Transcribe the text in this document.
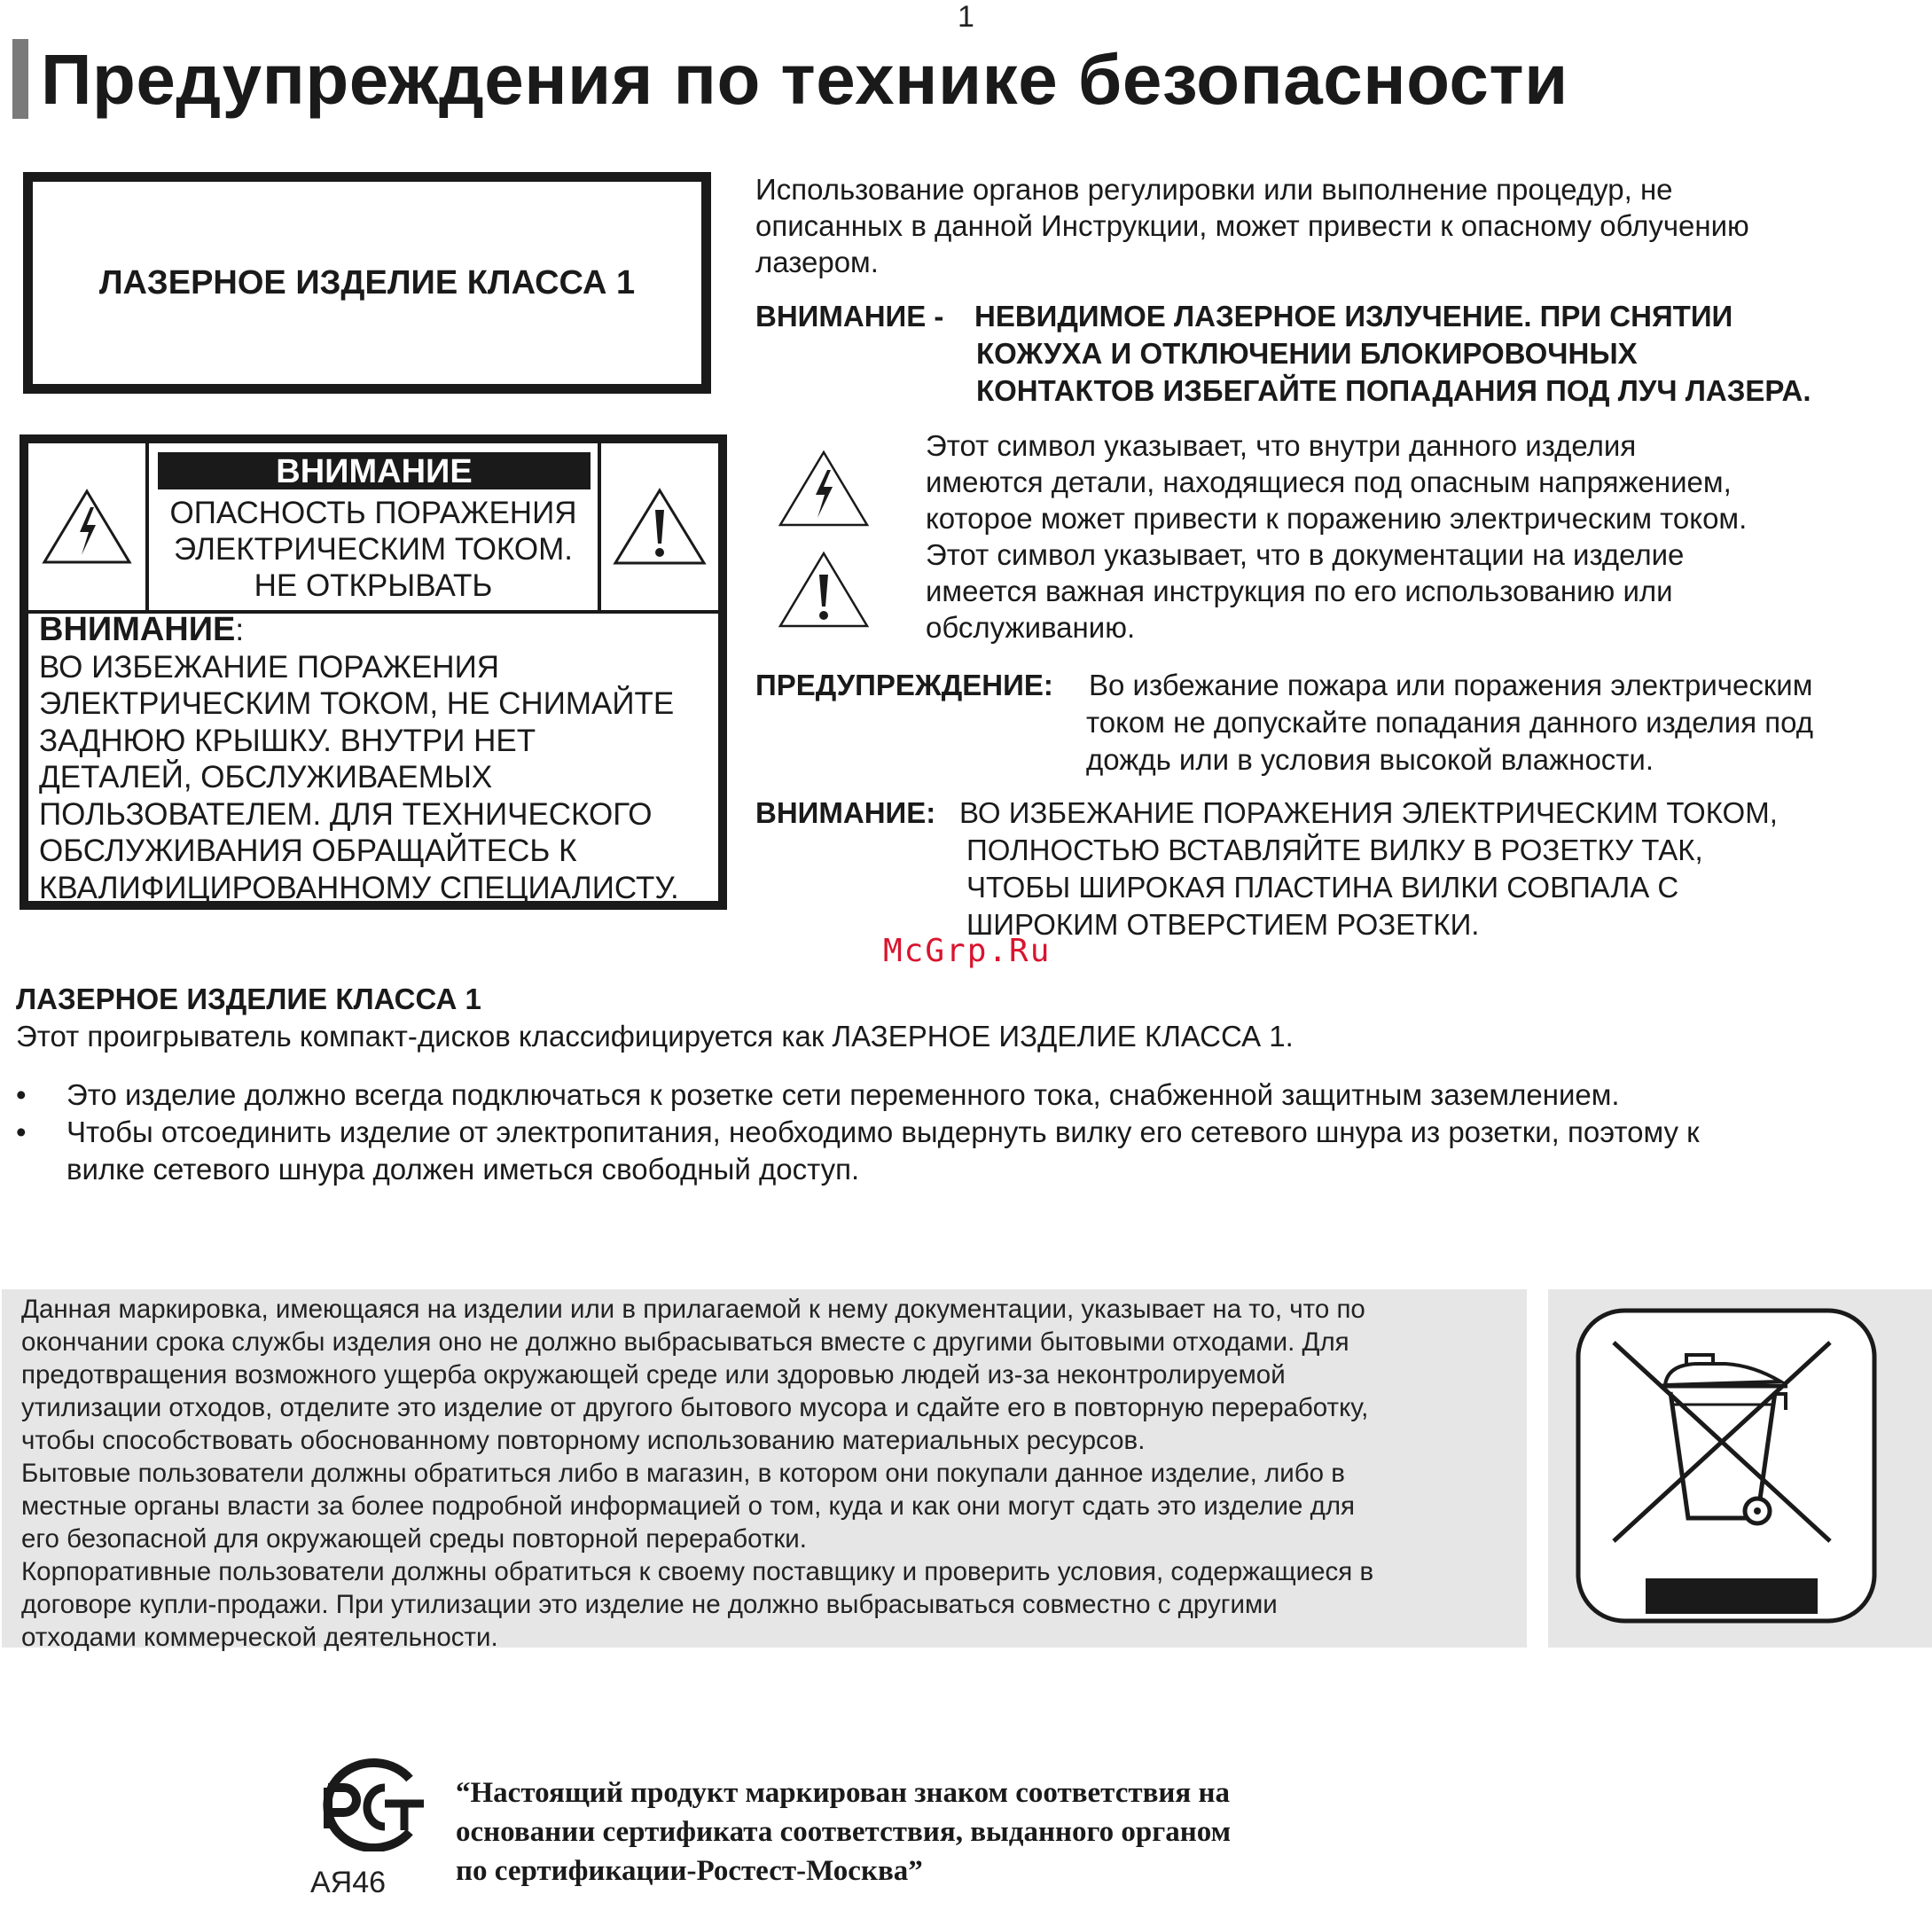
1
Предупреждения по технике безопасности
ЛАЗЕРНОЕ ИЗДЕЛИЕ КЛАССА 1
ВНИМАНИЕ
ОПАСНОСТЬ ПОРАЖЕНИЯ
ЭЛЕКТРИЧЕСКИМ ТОКОМ.
НЕ ОТКРЫВАТЬ
ВНИМАНИЕ:
ВО ИЗБЕЖАНИЕ ПОРАЖЕНИЯ
ЭЛЕКТРИЧЕСКИМ ТОКОМ, НЕ СНИМАЙТЕ
ЗАДНЮЮ КРЫШКУ. ВНУТРИ НЕТ
ДЕТАЛЕЙ, ОБСЛУЖИВАЕМЫХ
ПОЛЬЗОВАТЕЛЕМ. ДЛЯ ТЕХНИЧЕСКОГО
ОБСЛУЖИВАНИЯ ОБРАЩАЙТЕСЬ К
КВАЛИФИЦИРОВАННОМУ СПЕЦИАЛИСТУ.
Использование органов регулировки или выполнение процедур, не
описанных в данной Инструкции, может привести к опасному облучению
лазером.
ВНИМАНИЕ - НЕВИДИМОЕ ЛАЗЕРНОЕ ИЗЛУЧЕНИЕ. ПРИ СНЯТИИ
КОЖУХА И ОТКЛЮЧЕНИИ БЛОКИРОВОЧНЫХ
КОНТАКТОВ ИЗБЕГАЙТЕ ПОПАДАНИЯ ПОД ЛУЧ ЛАЗЕРА.
Этот символ указывает, что внутри данного изделия
имеются детали, находящиеся под опасным напряжением,
которое может привести к поражению электрическим током.
Этот символ указывает, что в документации на изделие
имеется важная инструкция по его использованию или
обслуживанию.
ПРЕДУПРЕЖДЕНИЕ: Во избежание пожара или поражения электрическим
током не допускайте попадания данного изделия под
дождь или в условия высокой влажности.
ВНИМАНИЕ: ВО ИЗБЕЖАНИЕ ПОРАЖЕНИЯ ЭЛЕКТРИЧЕСКИМ ТОКОМ,
ПОЛНОСТЬЮ ВСТАВЛЯЙТЕ ВИЛКУ В РОЗЕТКУ ТАК,
ЧТОБЫ ШИРОКАЯ ПЛАСТИНА ВИЛКИ СОВПАЛА С
ШИРОКИМ ОТВЕРСТИЕМ РОЗЕТКИ.
McGrp.Ru
ЛАЗЕРНОЕ ИЗДЕЛИЕ КЛАССА 1
Этот проигрыватель компакт-дисков классифицируется как ЛАЗЕРНОЕ ИЗДЕЛИЕ КЛАССА 1.
• Это изделие должно всегда подключаться к розетке сети переменного тока, снабженной защитным заземлением.
• Чтобы отсоединить изделие от электропитания, необходимо выдернуть вилку его сетевого шнура из розетки, поэтому к
вилке сетевого шнура должен иметься свободный доступ.
Данная маркировка, имеющаяся на изделии или в прилагаемой к нему документации, указывает на то, что по
окончании срока службы изделия оно не должно выбрасываться вместе с другими бытовыми отходами. Для
предотвращения возможного ущерба окружающей среде или здоровью людей из-за неконтролируемой
утилизации отходов, отделите это изделие от другого бытового мусора и сдайте его в повторную переработку,
чтобы способствовать обоснованному повторному использованию материальных ресурсов.
Бытовые пользователи должны обратиться либо в магазин, в котором они покупали данное изделие, либо в
местные органы власти за более подробной информацией о том, куда и как они могут сдать это изделие для
его безопасной для окружающей среды повторной переработки.
Корпоративные пользователи должны обратиться к своему поставщику и проверить условия, содержащиеся в
договоре купли-продажи. При утилизации это изделие не должно выбрасываться совместно с другими
отходами коммерческой деятельности.
АЯ46
“Настоящий продукт маркирован знаком соответствия на
основании сертификата соответствия, выданного органом
по сертификации-Ростест-Москва”
